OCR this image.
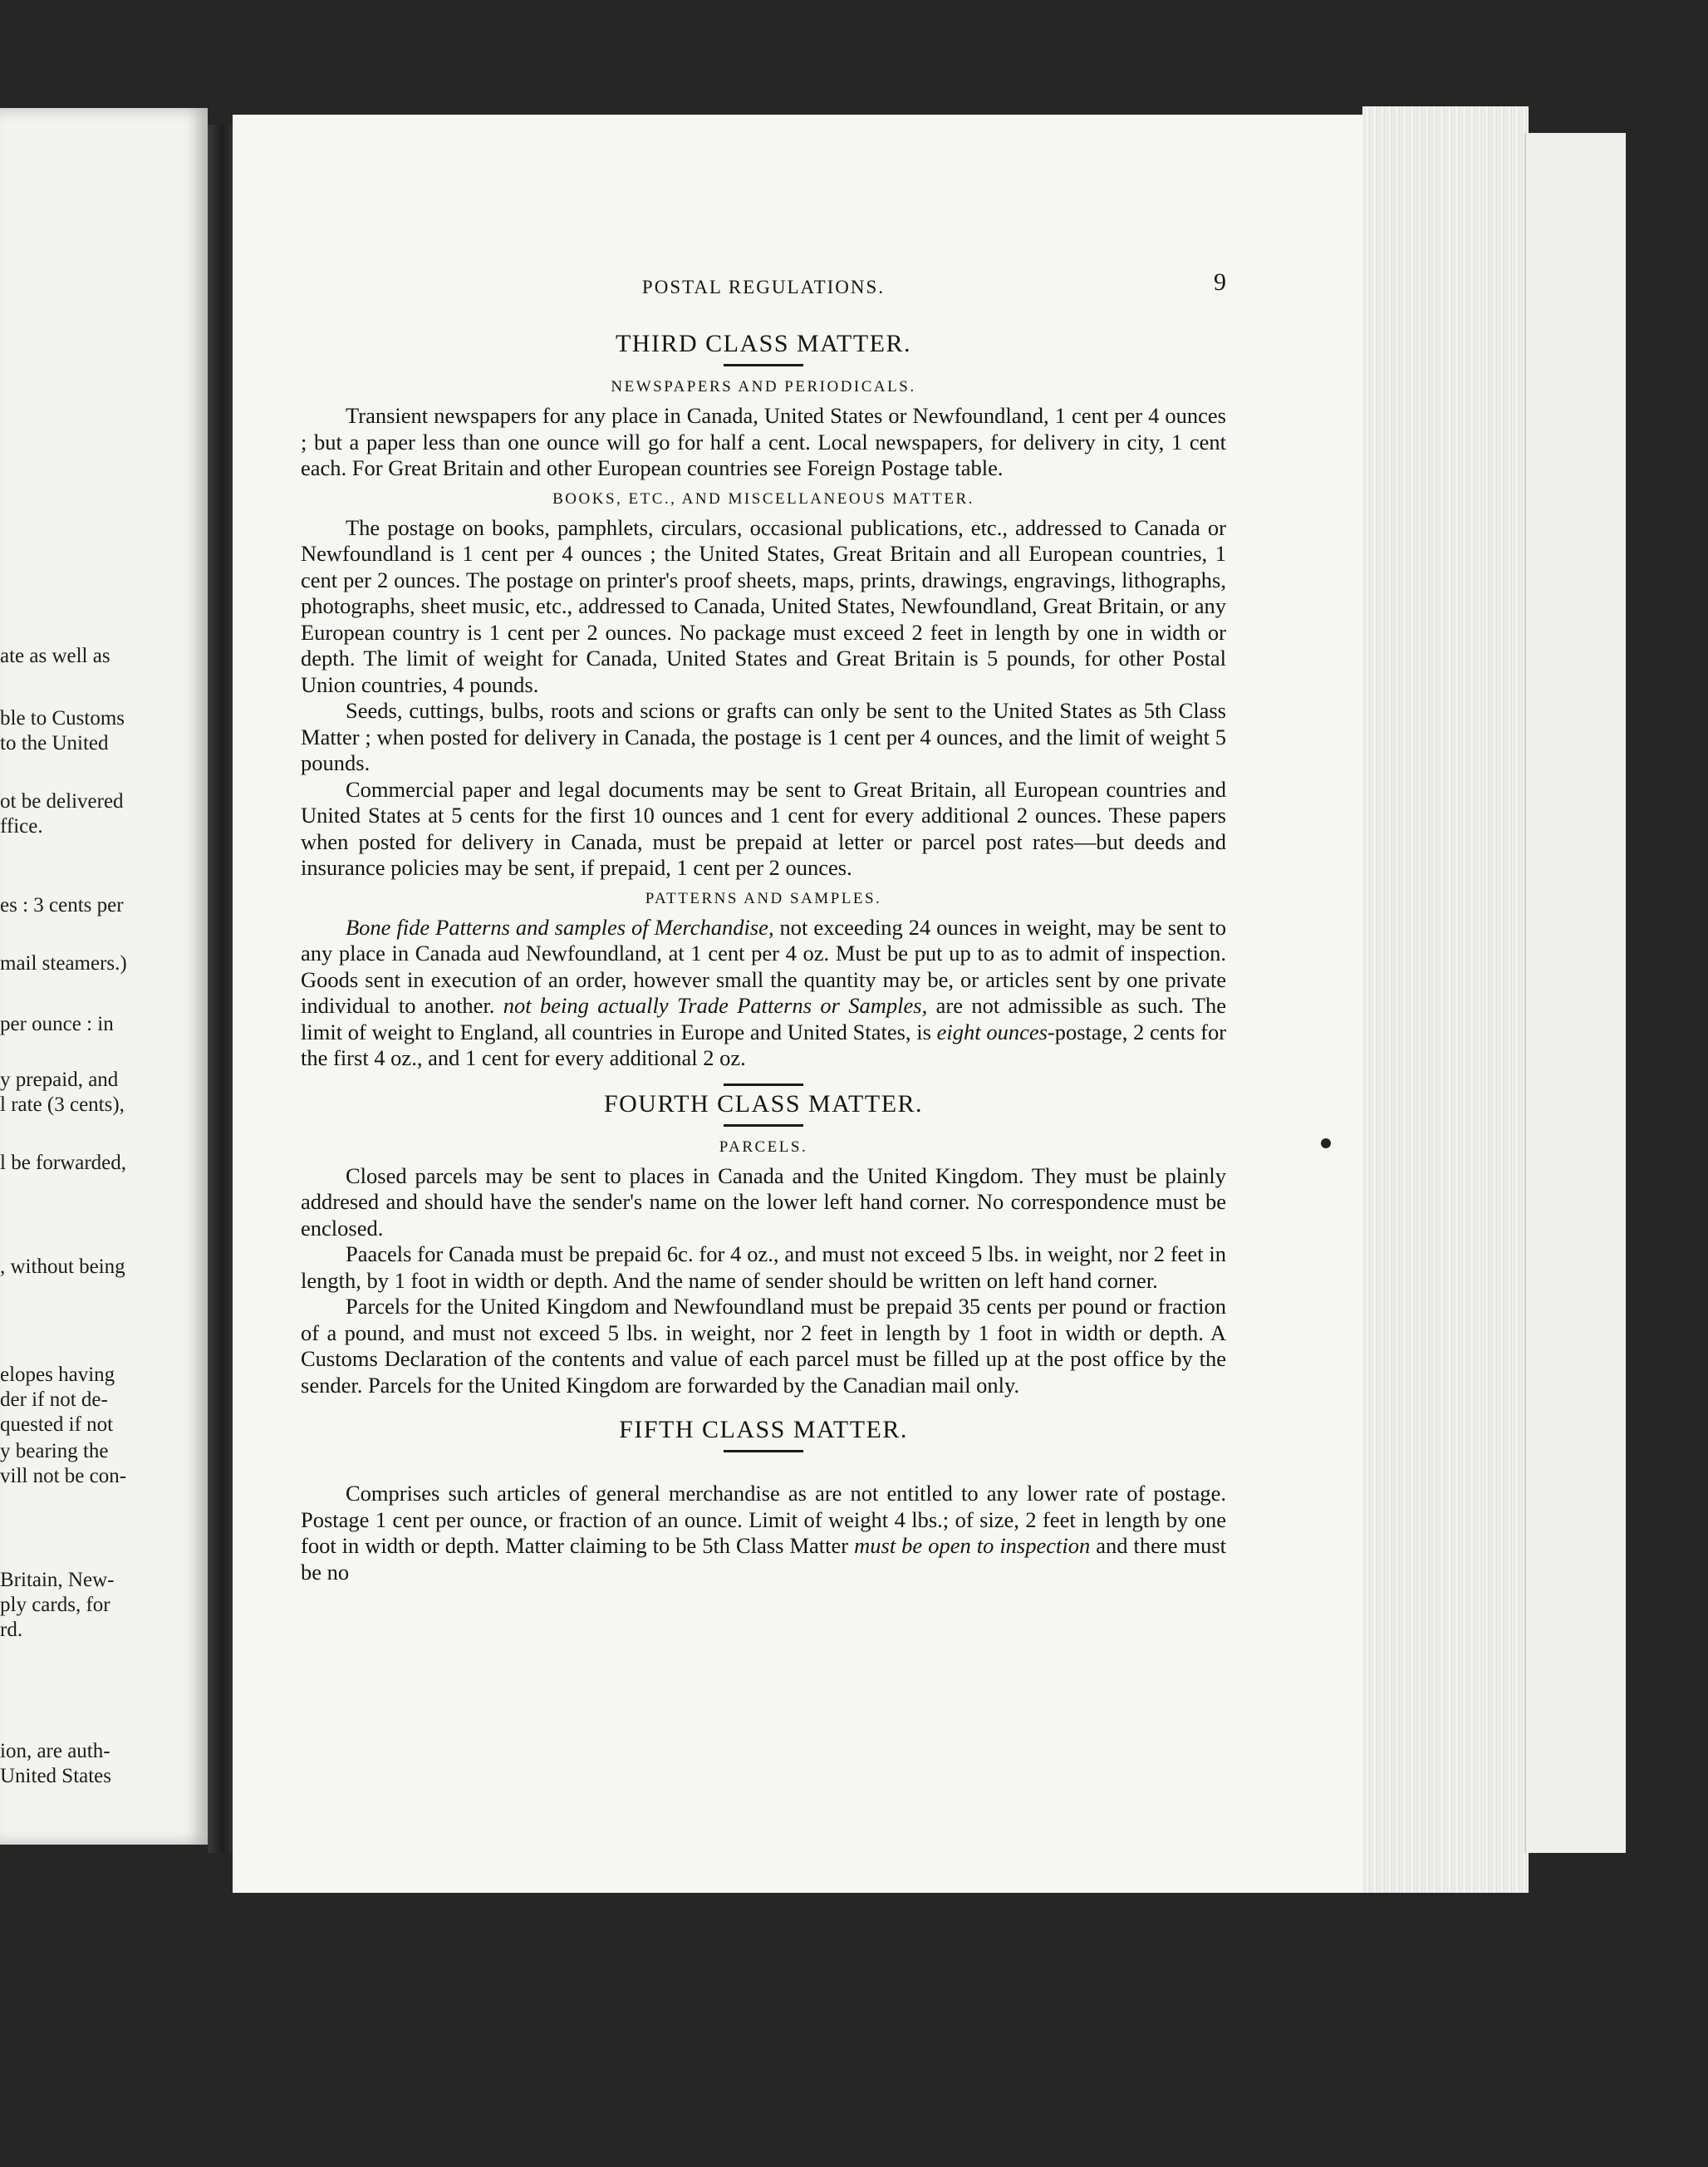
ate as well as
ble to Customs
to the United
ot be delivered
ffice.
es : 3 cents per
mail steamers.)
per ounce : in
y prepaid, and
l rate (3 cents),
l be forwarded,
, without being
elopes having
der if not de-
quested if not
y bearing the
vill not be con-
Britain, New-
ply cards, for
rd.
ion, are auth-
United States
POSTAL REGULATIONS.	9
THIRD CLASS MATTER.
NEWSPAPERS AND PERIODICALS.

Transient newspapers for any place in Canada, United States or Newfoundland, 1 cent per 4 ounces ; but a paper less than one ounce will go for half a cent. Local newspapers, for delivery in city, 1 cent each. For Great Britain and other European countries see Foreign Postage table.

BOOKS, ETC., AND MISCELLANEOUS MATTER.

The postage on books, pamphlets, circulars, occasional publications, etc., addressed to Canada or Newfoundland is 1 cent per 4 ounces ; the United States, Great Britain and all European countries, 1 cent per 2 ounces. The postage on printer's proof sheets, maps, prints, drawings, engravings, lithographs, photographs, sheet music, etc., addressed to Canada, United States, Newfoundland, Great Britain, or any European country is 1 cent per 2 ounces. No package must exceed 2 feet in length by one in width or depth. The limit of weight for Canada, United States and Great Britain is 5 pounds, for other Postal Union countries, 4 pounds.

Seeds, cuttings, bulbs, roots and scions or grafts can only be sent to the United States as 5th Class Matter ; when posted for delivery in Canada, the postage is 1 cent per 4 ounces, and the limit of weight 5 pounds.

Commercial paper and legal documents may be sent to Great Britain, all European countries and United States at 5 cents for the first 10 ounces and 1 cent for every additional 2 ounces. These papers when posted for delivery in Canada, must be prepaid at letter or parcel post rates—but deeds and insurance policies may be sent, if prepaid, 1 cent per 2 ounces.

PATTERNS AND SAMPLES.

Bone fide Patterns and samples of Merchandise, not exceeding 24 ounces in weight, may be sent to any place in Canada aud Newfoundland, at 1 cent per 4 oz. Must be put up to as to admit of inspection. Goods sent in execution of an order, however small the quantity may be, or articles sent by one private individual to another. not being actually Trade Patterns or Samples, are not admissible as such. The limit of weight to England, all countries in Europe and United States, is eight ounces-postage, 2 cents for the first 4 oz., and 1 cent for every additional 2 oz.

FOURTH CLASS MATTER.
PARCELS.

Closed parcels may be sent to places in Canada and the United Kingdom. They must be plainly addresed and should have the sender's name on the lower left hand corner. No correspondence must be enclosed.

Paacels for Canada must be prepaid 6c. for 4 oz., and must not exceed 5 lbs. in weight, nor 2 feet in length, by 1 foot in width or depth. And the name of sender should be written on left hand corner.

Parcels for the United Kingdom and Newfoundland must be prepaid 35 cents per pound or fraction of a pound, and must not exceed 5 lbs. in weight, nor 2 feet in length by 1 foot in width or depth. A Customs Declaration of the contents and value of each parcel must be filled up at the post office by the sender. Parcels for the United Kingdom are forwarded by the Canadian mail only.

FIFTH CLASS MATTER.

Comprises such articles of general merchandise as are not entitled to any lower rate of postage. Postage 1 cent per ounce, or fraction of an ounce. Limit of weight 4 lbs.; of size, 2 feet in length by one foot in width or depth. Matter claiming to be 5th Class Matter must be open to inspection and there must be no
